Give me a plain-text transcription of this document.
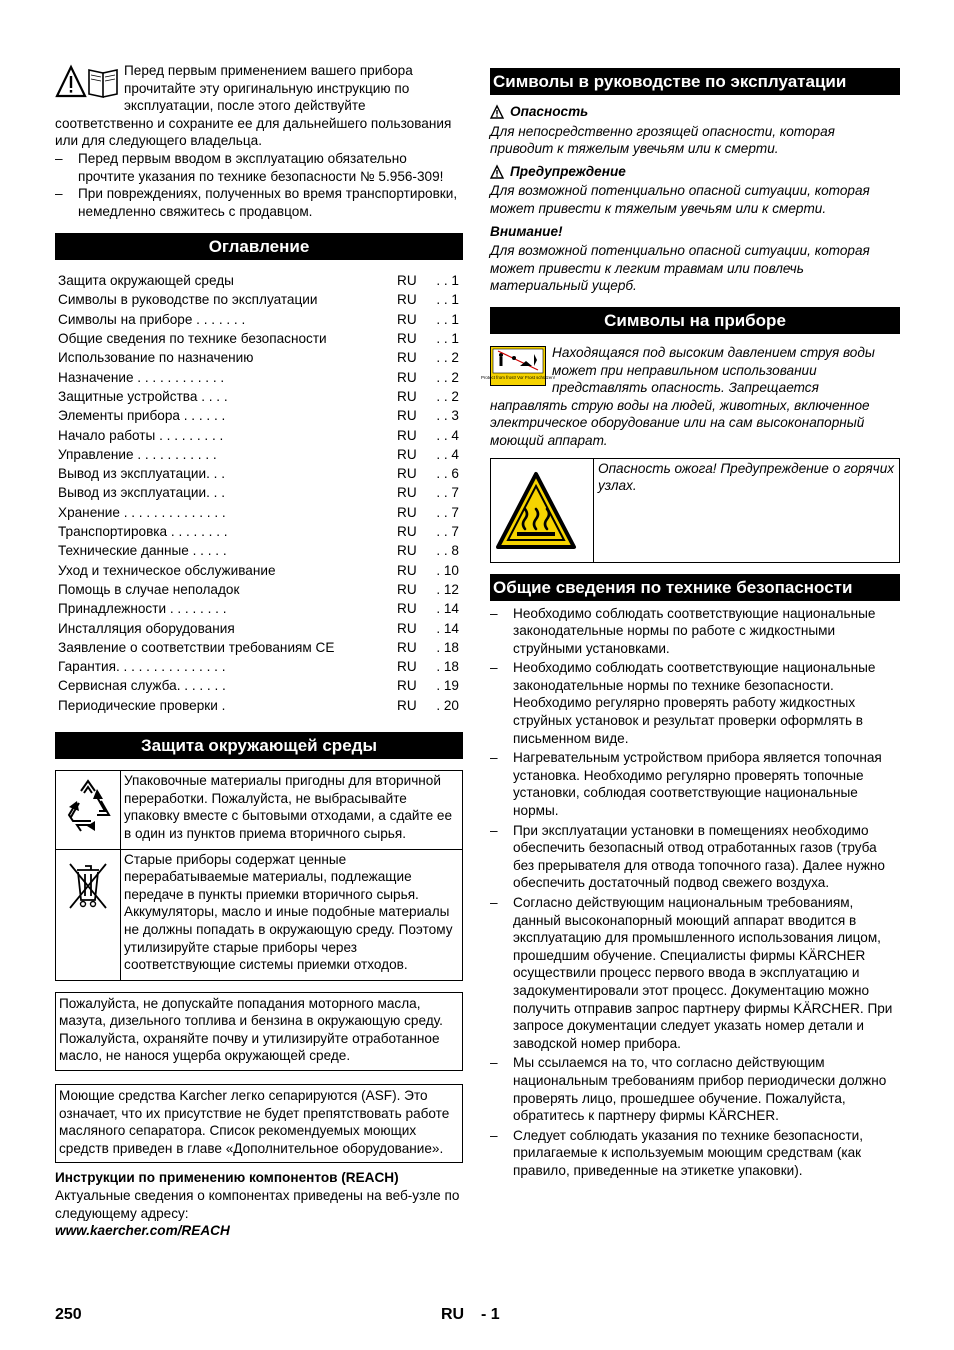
Перед первым применением вашего прибора прочитайте эту оригинальную инструкцию по эксплуатации, после этого действуйте соответственно и сохраните ее для дальнейшего пользования или для следующего владельца.

– Перед первым вводом в эксплуатацию обязательно прочтите указания по технике безопасности № 5.956-309!
– При повреждениях, полученных во время транспортировки, немедленно свяжитесь с продавцом.
Оглавление
Защита окружающей среды	RU	. . 1
Символы в руководстве по эксплуатации	RU	. . 1
Символы на приборе . . . . . . .	RU	. . 1
Общие сведения по технике безопасности	RU	. . 1
Использование по назначению	RU	. . 2
Назначение . . . . . . . . . . . .	RU	. . 2
Защитные устройства . . . .	RU	. . 2
Элементы прибора . . . . . .	RU	. . 3
Начало работы . . . . . . . . .	RU	. . 4
Управление . . . . . . . . . . .	RU	. . 4
Вывод из эксплуатации. . .	RU	. . 6
Вывод из эксплуатации. . .	RU	. . 7
Хранение . . . . . . . . . . . . . .	RU	. . 7
Транспортировка . . . . . . . .	RU	. . 7
Технические данные . . . . .	RU	. . 8
Уход и техническое обслуживание	RU	. 10
Помощь в случае неполадок	RU	. 12
Принадлежности . . . . . . . .	RU	. 14
Инсталляция оборудования	RU	. 14
Заявление о соответствии требованиям CE	RU	. 18
Гарантия. . . . . . . . . . . . . . .	RU	. 18
Сервисная служба. . . . . . .	RU	. 19
Периодические проверки .	RU	. 20
Защита окружающей среды
	Упаковочные материалы пригодны для вторичной переработки. Пожалуйста, не выбрасывайте упаковку вместе с бытовыми отходами, а сдайте ее в один из пунктов приема вторичного сырья.
	Старые приборы содержат ценные перерабатываемые материалы, подлежащие передаче в пункты приемки вторичного сырья. Аккумуляторы, масло и иные подобные материалы не должны попадать в окружающую среду. Поэтому утилизируйте старые приборы через соответствующие системы приемки отходов.
Пожалуйста, не допускайте попадания моторного масла, мазута, дизельного топлива и бензина в окружающую среду. Пожалуйста, охраняйте почву и утилизируйте отработанное масло, не нанося ущерба окружающей среде.
Моющие средства Karcher легко сепарируются (ASF). Это означает, что их присутствие не будет препятствовать работе масляного сепаратора. Список рекомендуемых моющих средств приведен в главе «Дополнительное оборудование».

Инструкции по применению компонентов (REACH)

Актуальные сведения о компонентах приведены на веб-узле по следующему адресу:

www.kaercher.com/REACH

Символы в руководстве по эксплуатации
Опасность

Для непосредственно грозящей опасности, которая приводит к тяжелым увечьям или к смерти.

Предупреждение

Для возможной потенциально опасной ситуации, которая может привести к тяжелым увечьям или к смерти.

Внимание!

Для возможной потенциально опасной ситуации, которая может привести к легким травмам или повлечь материальный ущерб.

Символы на приборе
Protect from frost! Vor Frost schützen!

Находящаяся под высоким давлением струя воды может при неправильном использовании представлять опасность. Запрещается направлять струю воды на людей, животных, включенное электрическое оборудование или на сам высоконапорный моющий аппарат.

	Опасность ожога! Предупреждение о горячих узлах.
Общие сведения по технике безопасности
– Необходимо соблюдать соответствующие национальные законодательные нормы по работе с жидкостными струйными установками.
– Необходимо соблюдать соответствующие национальные законодательные нормы по технике безопасности. Необходимо регулярно проверять работу жидкостных струйных установок и результат проверки оформлять в письменном виде.
– Нагревательным устройством прибора является топочная установка. Необходимо регулярно проверять топочные установки, соблюдая соответствующие национальные нормы.
– При эксплуатации установки в помещениях необходимо обеспечить безопасный отвод отработанных газов (труба без прерывателя для отвода топочного газа). Далее нужно обеспечить достаточный подвод свежего воздуха.
– Согласно действующим национальным требованиям, данный высоконапорный моющий аппарат вводится в эксплуатацию для промышленного использования лицом, прошедшим обучение. Специалисты фирмы KÄRCHER осуществили процесс первого ввода в эксплуатацию и задокументировали этот процесс. Документацию можно получить отправив запрос партнеру фирмы KÄRCHER. При запросе документации следует указать номер детали и заводской номер прибора.
– Мы ссылаемся на то, что согласно действующим национальным требованиям прибор периодически должно проверять лицо, прошедшее обучение. Пожалуйста, обратитесь к партнеру фирмы KÄRCHER.
– Следует соблюдать указания по технике безопасности, прилагаемые к используемым моющим средствам (как правило, приведенные на этикетке упаковки).
250	RU - 1
